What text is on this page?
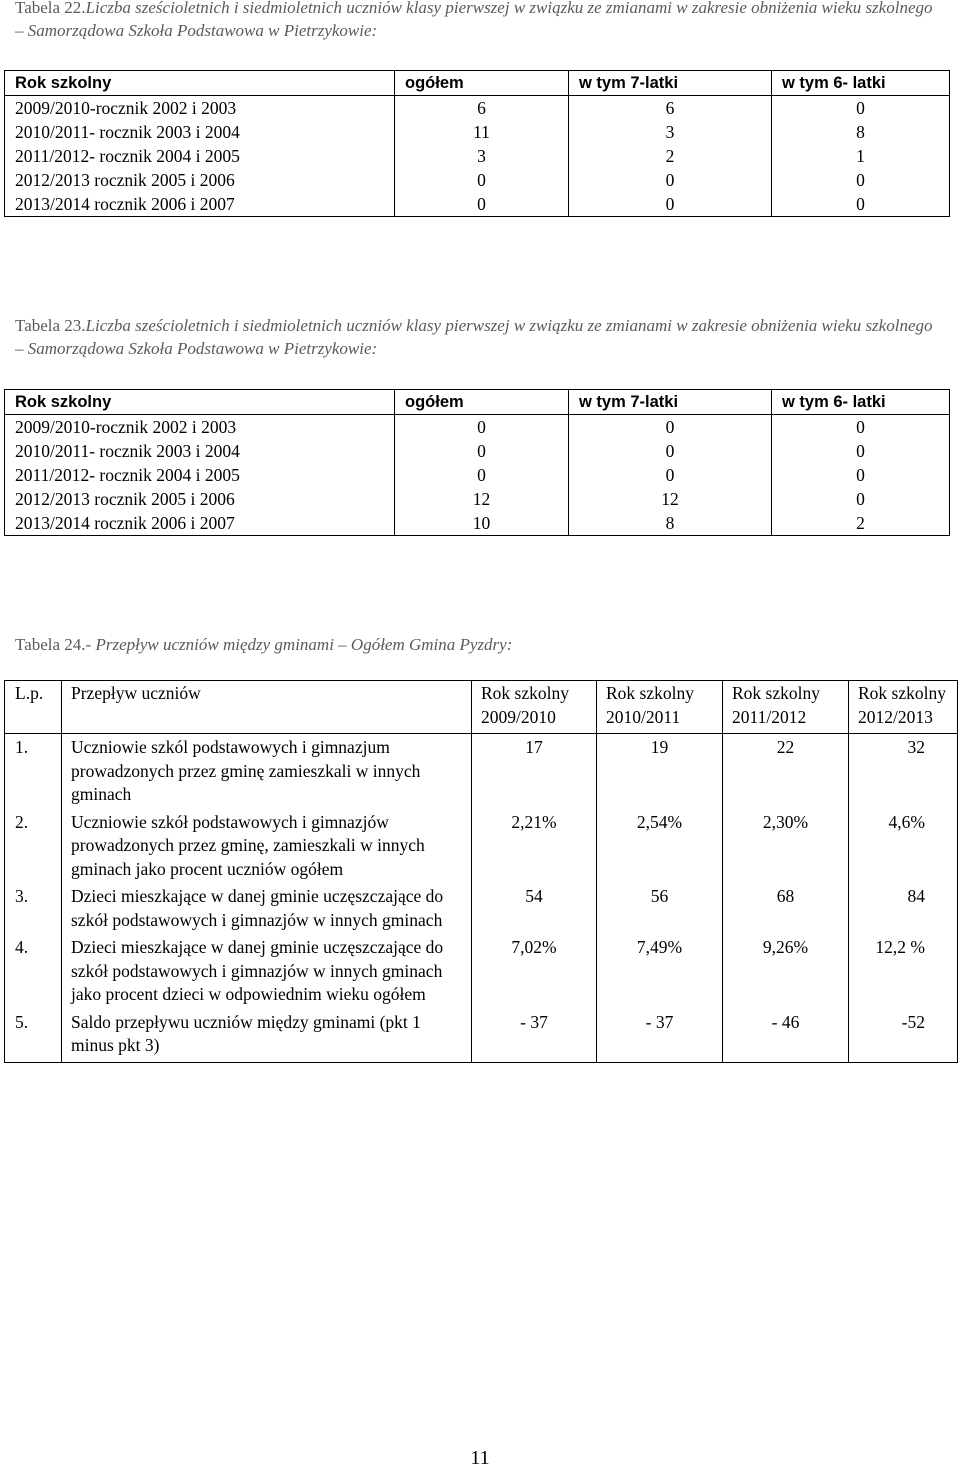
Tabela 22.Liczba sześcioletnich i siedmioletnich uczniów klasy pierwszej w związku ze zmianami w zakresie obniżenia wieku szkolnego – Samorządowa Szkoła Podstawowa w Pietrzykowie:
Rok szkolny	ogółem	w tym 7-latki	w tym 6- latki
2009/2010-rocznik 2002 i 2003	6	6	0
2010/2011- rocznik 2003 i 2004	11	3	8
2011/2012- rocznik 2004 i 2005	3	2	1
2012/2013 rocznik 2005 i 2006	0	0	0
2013/2014 rocznik 2006 i 2007	0	0	0
Tabela 23.Liczba sześcioletnich i siedmioletnich uczniów klasy pierwszej w związku ze zmianami w zakresie obniżenia wieku szkolnego – Samorządowa Szkoła Podstawowa w Pietrzykowie:
Rok szkolny	ogółem	w tym 7-latki	w tym 6- latki
2009/2010-rocznik 2002 i 2003	0	0	0
2010/2011- rocznik 2003 i 2004	0	0	0
2011/2012- rocznik 2004 i 2005	0	0	0
2012/2013 rocznik 2005 i 2006	12	12	0
2013/2014 rocznik 2006 i 2007	10	8	2
Tabela 24.- Przepływ uczniów między gminami – Ogółem Gmina Pyzdry:
L.p.	Przepływ uczniów	Rok szkolny 2009/2010	Rok szkolny 2010/2011	Rok szkolny 2011/2012	Rok szkolny 2012/2013
1.	Uczniowie szkól podstawowych i gimnazjum prowadzonych przez gminę zamieszkali w innych gminach	17	19	22	32
2.	Uczniowie szkół podstawowych i gimnazjów prowadzonych przez gminę, zamieszkali w innych gminach jako procent uczniów ogółem	2,21%	2,54%	2,30%	4,6%
3.	Dzieci mieszkające w danej gminie uczęszczające do szkół podstawowych i gimnazjów w innych gminach	54	56	68	84
4.	Dzieci mieszkające w danej gminie uczęszczające do szkół podstawowych i gimnazjów w innych gminach jako procent dzieci w odpowiednim wieku ogółem	7,02%	7,49%	9,26%	12,2 %
5.	Saldo przepływu uczniów między gminami (pkt 1 minus pkt 3)	- 37	- 37	- 46	-52
11
